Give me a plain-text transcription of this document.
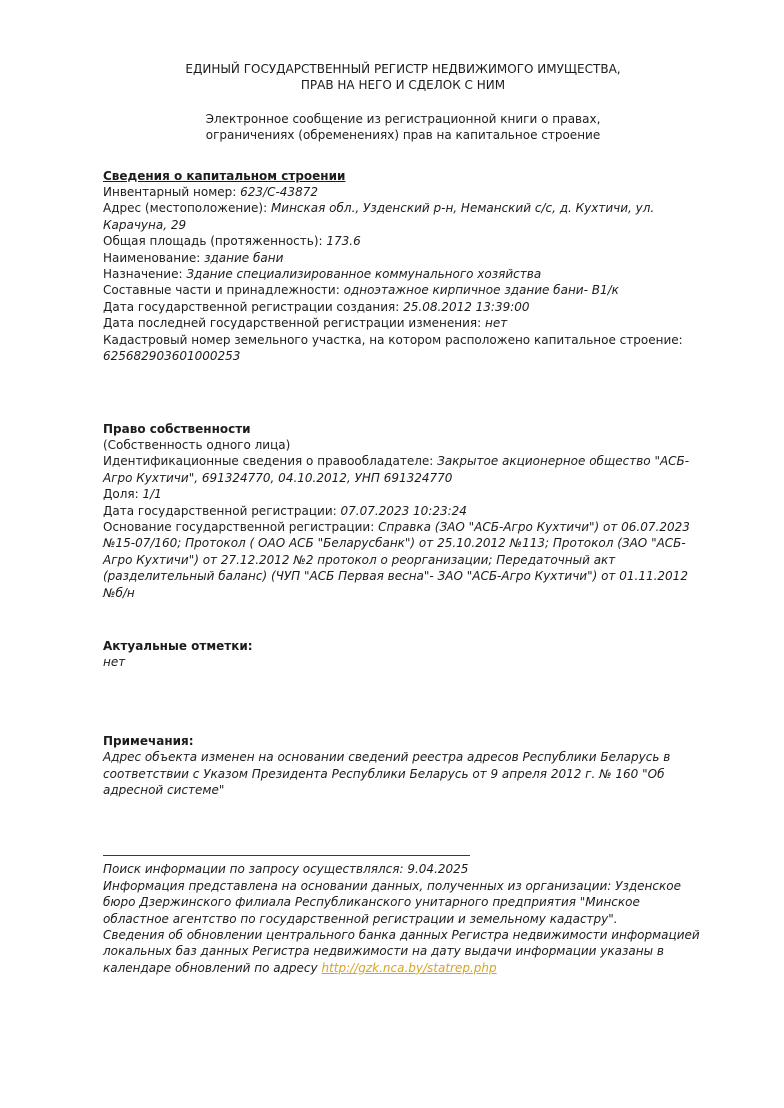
ЕДИНЫЙ ГОСУДАРСТВЕННЫЙ РЕГИСТР НЕДВИЖИМОГО ИМУЩЕСТВА,

ПРАВ НА НЕГО И СДЕЛОК С НИМ

Электронное сообщение из регистрационной книги о правах,

ограничениях (обременениях) прав на капитальное строение

Сведения о капитальном строении

Инвентарный номер: 623/С-43872

Адрес (местоположение): Минская обл., Узденский р-н, Неманский с/с, д. Кухтичи, ул. Карачуна, 29

Общая площадь (протяженность): 173.6

Наименование: здание бани

Назначение: Здание специализированное коммунального хозяйства

Составные части и принадлежности: одноэтажное кирпичное здание бани- В1/к

Дата государственной регистрации создания: 25.08.2012 13:39:00

Дата последней государственной регистрации изменения: нет

Кадастровый номер земельного участка, на котором расположено капитальное строение: 625682903601000253

Право собственности

(Собственность одного лица)

Идентификационные сведения о правообладателе: Закрытое акционерное общество "АСБ-Агро Кухтичи", 691324770, 04.10.2012, УНП 691324770

Доля: 1/1

Дата государственной регистрации: 07.07.2023 10:23:24

Основание государственной регистрации: Справка (ЗАО "АСБ-Агро Кухтичи") от 06.07.2023 №15-07/160; Протокол ( ОАО АСБ "Беларусбанк") от 25.10.2012 №113; Протокол (ЗАО "АСБ-Агро Кухтичи") от 27.12.2012 №2 протокол о реорганизации; Передаточный акт (разделительный баланс) (ЧУП "АСБ Первая весна"- ЗАО "АСБ-Агро Кухтичи") от 01.11.2012 №б/н

Актуальные отметки:

нет

Примечания:

Адрес объекта изменен на основании сведений реестра адресов Республики Беларусь в соответствии с Указом Президента Республики Беларусь от 9 апреля 2012 г. № 160 "Об адресной системе"

Поиск информации по запросу осуществлялся: 9.04.2025

Информация представлена на основании данных, полученных из организации: Узденское бюро Дзержинского филиала Республиканского унитарного предприятия "Минское областное агентство по государственной регистрации и земельному кадастру".

Сведения об обновлении центрального банка данных Регистра недвижимости информацией локальных баз данных Регистра недвижимости на дату выдачи информации указаны в календаре обновлений по адресу http://gzk.nca.by/statrep.php
